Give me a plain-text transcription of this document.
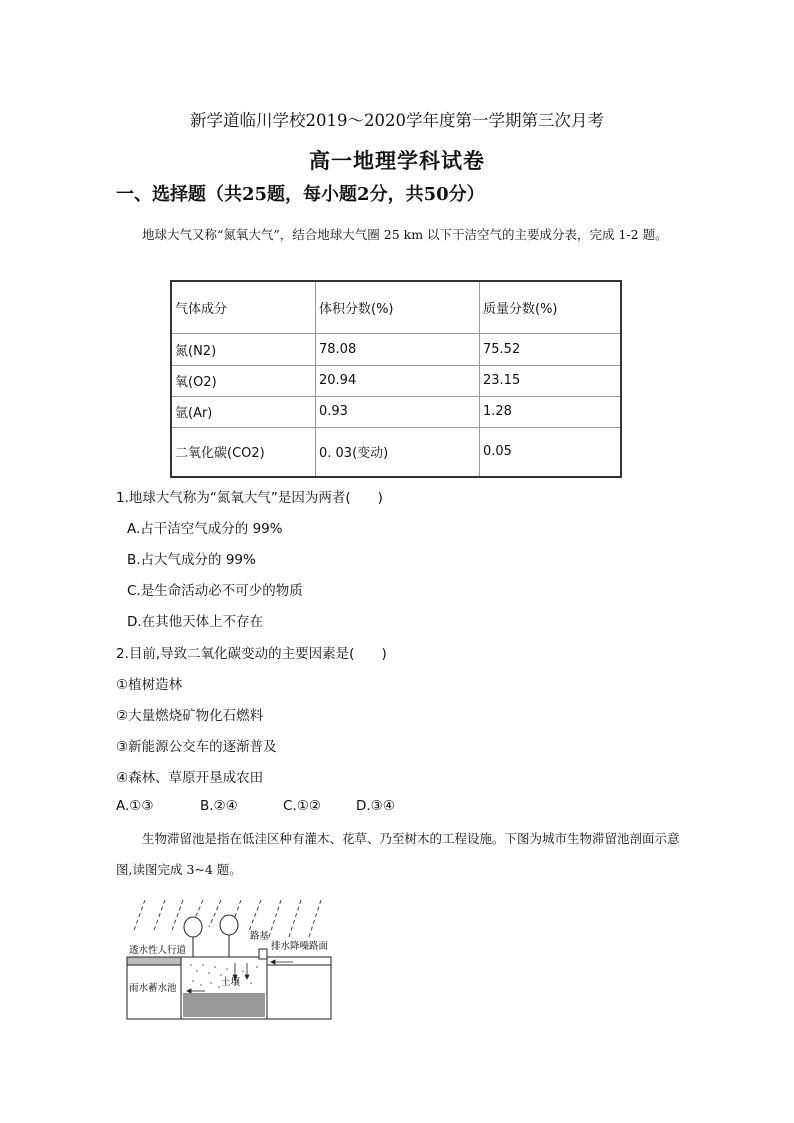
新学道临川学校2019～2020学年度第一学期第三次月考
高一地理学科试卷
一、选择题（共25题，每小题2分，共50分）
地球大气又称“氮氧大气”，结合地球大气圈 25 km 以下干洁空气的主要成分表，完成 1-2 题。
气体成分	体积分数(%)	质量分数(%)
氮(N2)	78.08	75.52
氧(O2)	20.94	23.15
氩(Ar)	0.93	1.28
二氧化碳(CO2)	0. 03(变动)	0.05
1.地球大气称为“氮氧大气”是因为两者(　　)
A.占干洁空气成分的 99%
B.占大气成分的 99%
C.是生命活动必不可少的物质
D.在其他天体上不存在
2.目前,导致二氧化碳变动的主要因素是(　　)
①植树造林
②大量燃烧矿物化石燃料
③新能源公交车的逐渐普及
④森林、草原开垦成农田
A.①③	B.②④	C.①②	D.③④
生物滞留池是指在低洼区种有灌木、花草、乃至树木的工程设施。下图为城市生物滞留池剖面示意图,读图完成 3~4 题。
透水性人行道
路基
排水降噪路面
土壤
雨水蓄水池
